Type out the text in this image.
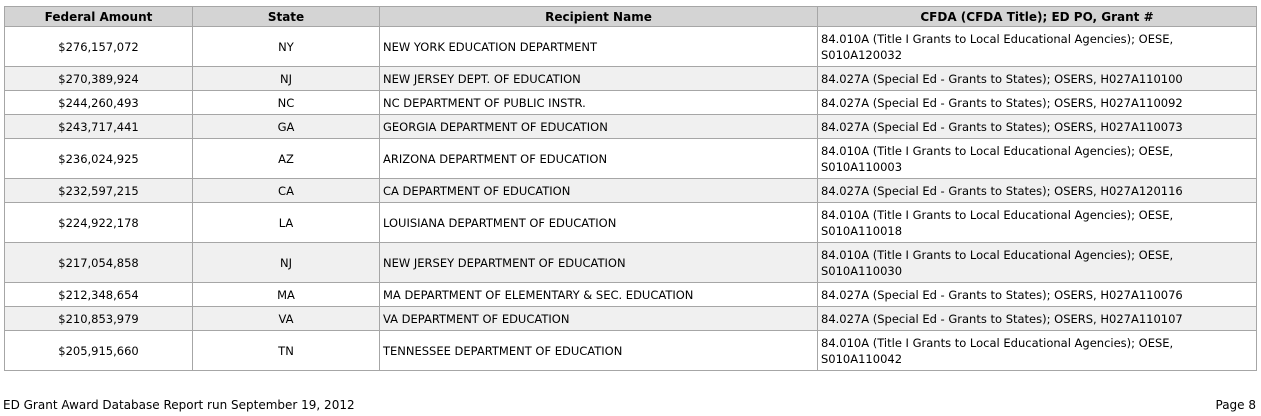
Federal Amount	State	Recipient Name	CFDA (CFDA Title); ED PO, Grant #
$276,157,072	NY	NEW YORK EDUCATION DEPARTMENT	84.010A (Title I Grants to Local Educational Agencies); OESE,
S010A120032
$270,389,924	NJ	NEW JERSEY DEPT. OF EDUCATION	84.027A (Special Ed - Grants to States); OSERS, H027A110100
$244,260,493	NC	NC DEPARTMENT OF PUBLIC INSTR.	84.027A (Special Ed - Grants to States); OSERS, H027A110092
$243,717,441	GA	GEORGIA DEPARTMENT OF EDUCATION	84.027A (Special Ed - Grants to States); OSERS, H027A110073
$236,024,925	AZ	ARIZONA DEPARTMENT OF EDUCATION	84.010A (Title I Grants to Local Educational Agencies); OESE,
S010A110003
$232,597,215	CA	CA DEPARTMENT OF EDUCATION	84.027A (Special Ed - Grants to States); OSERS, H027A120116
$224,922,178	LA	LOUISIANA DEPARTMENT OF EDUCATION	84.010A (Title I Grants to Local Educational Agencies); OESE,
S010A110018
$217,054,858	NJ	NEW JERSEY DEPARTMENT OF EDUCATION	84.010A (Title I Grants to Local Educational Agencies); OESE,
S010A110030
$212,348,654	MA	MA DEPARTMENT OF ELEMENTARY & SEC. EDUCATION	84.027A (Special Ed - Grants to States); OSERS, H027A110076
$210,853,979	VA	VA DEPARTMENT OF EDUCATION	84.027A (Special Ed - Grants to States); OSERS, H027A110107
$205,915,660	TN	TENNESSEE DEPARTMENT OF EDUCATION	84.010A (Title I Grants to Local Educational Agencies); OESE,
S010A110042
ED Grant Award Database Report run September 19, 2012	Page 8
